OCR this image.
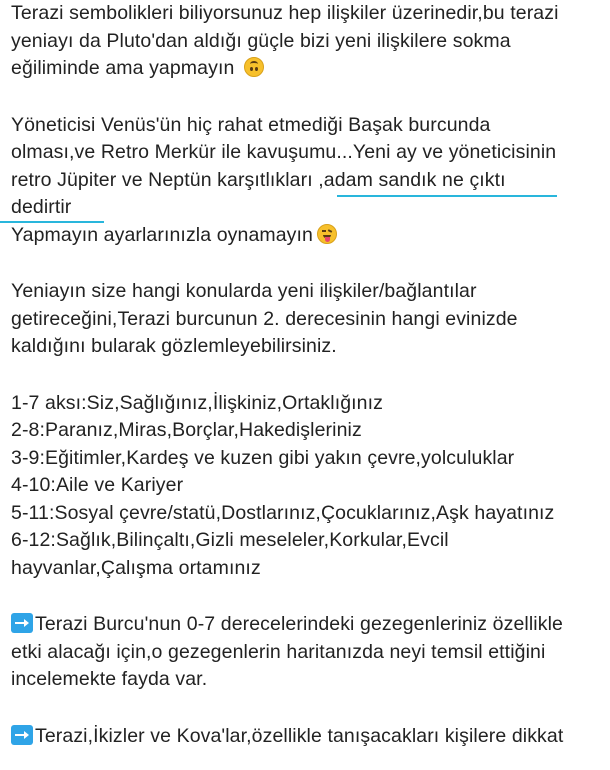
Terazi sembolikleri biliyorsunuz hep ilişkiler üzerinedir,bu terazi
yeniayı da Pluto'dan aldığı güçle bizi yeni ilişkilere sokma
eğiliminde ama yapmayın
Yöneticisi Venüs'ün hiç rahat etmediği Başak burcunda
olması,ve Retro Merkür ile kavuşumu...Yeni ay ve yöneticisinin
retro Jüpiter ve Neptün karşıtlıkları ,adam sandık ne çıktı
dedirtir
Yapmayın ayarlarınızla oynamayın
Yeniayın size hangi konularda yeni ilişkiler/bağlantılar
getireceğini,Terazi burcunun 2. derecesinin hangi evinizde
kaldığını bularak gözlemleyebilirsiniz.
1-7 aksı:Siz,Sağlığınız,İlişkiniz,Ortaklığınız
2-8:Paranız,Miras,Borçlar,Hakedişleriniz
3-9:Eğitimler,Kardeş ve kuzen gibi yakın çevre,yolculuklar
4-10:Aile ve Kariyer
5-11:Sosyal çevre/statü,Dostlarınız,Çocuklarınız,Aşk hayatınız
6-12:Sağlık,Bilinçaltı,Gizli meseleler,Korkular,Evcil
hayvanlar,Çalışma ortamınız
Terazi Burcu'nun 0-7 derecelerindeki gezegenleriniz özellikle
etki alacağı için,o gezegenlerin haritanızda neyi temsil ettiğini
incelemekte fayda var.
Terazi,İkizler ve Kova'lar,özellikle tanışacakları kişilere dikkat
